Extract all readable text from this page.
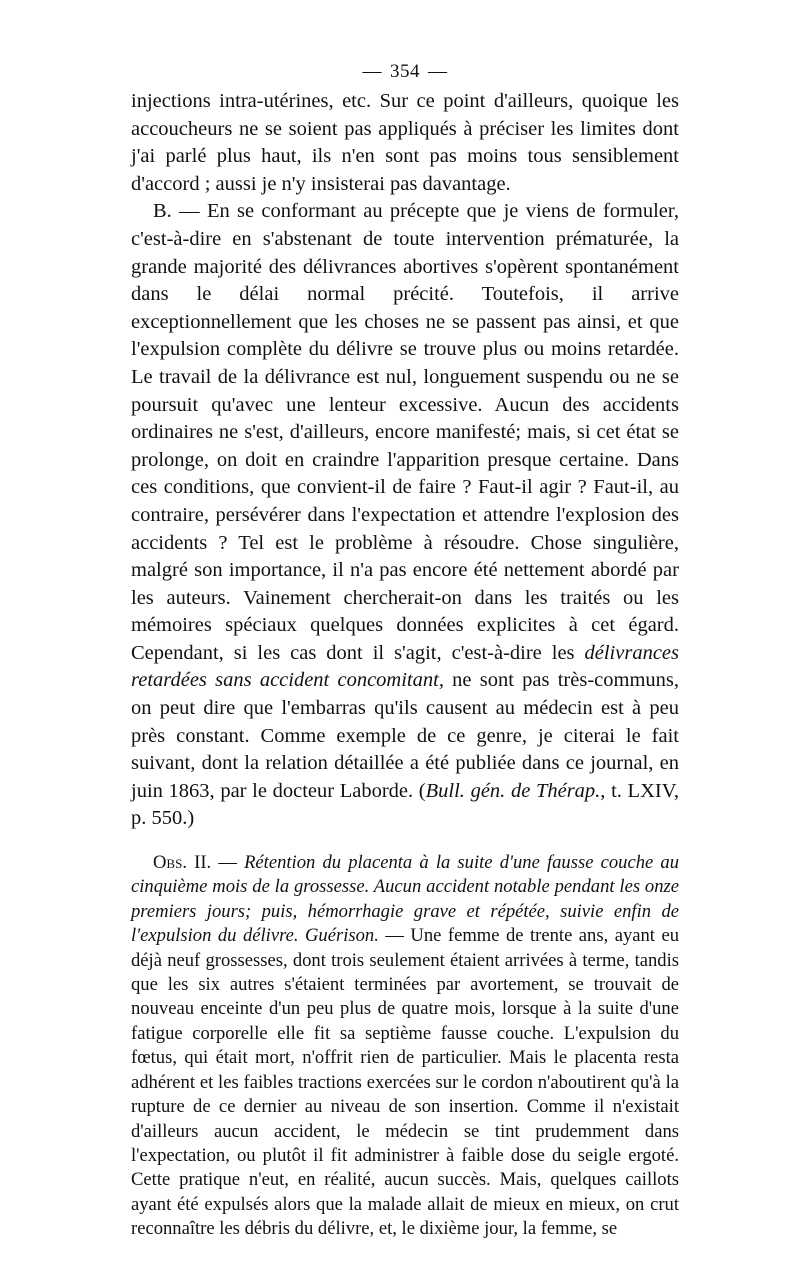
— 354 —

injections intra-utérines, etc. Sur ce point d'ailleurs, quoique les accoucheurs ne se soient pas appliqués à préciser les limites dont j'ai parlé plus haut, ils n'en sont pas moins tous sensiblement d'accord ; aussi je n'y insisterai pas davantage.

B. — En se conformant au précepte que je viens de formuler, c'est-à-dire en s'abstenant de toute intervention prématurée, la grande majorité des délivrances abortives s'opèrent spontanément dans le délai normal précité. Toutefois, il arrive exceptionnellement que les choses ne se passent pas ainsi, et que l'expulsion complète du délivre se trouve plus ou moins retardée. Le travail de la délivrance est nul, longuement suspendu ou ne se poursuit qu'avec une lenteur excessive. Aucun des accidents ordinaires ne s'est, d'ailleurs, encore manifesté; mais, si cet état se prolonge, on doit en craindre l'apparition presque certaine. Dans ces conditions, que convient-il de faire ? Faut-il agir ? Faut-il, au contraire, persévérer dans l'expectation et attendre l'explosion des accidents ? Tel est le problème à résoudre. Chose singulière, malgré son importance, il n'a pas encore été nettement abordé par les auteurs. Vainement chercherait-on dans les traités ou les mémoires spéciaux quelques données explicites à cet égard. Cependant, si les cas dont il s'agit, c'est-à-dire les délivrances retardées sans accident concomitant, ne sont pas très-communs, on peut dire que l'embarras qu'ils causent au médecin est à peu près constant. Comme exemple de ce genre, je citerai le fait suivant, dont la relation détaillée a été publiée dans ce journal, en juin 1863, par le docteur Laborde. (Bull. gén. de Thérap., t. LXIV, p. 550.)

Obs. II. — Rétention du placenta à la suite d'une fausse couche au cinquième mois de la grossesse. Aucun accident notable pendant les onze premiers jours; puis, hémorrhagie grave et répétée, suivie enfin de l'expulsion du délivre. Guérison. — Une femme de trente ans, ayant eu déjà neuf grossesses, dont trois seulement étaient arrivées à terme, tandis que les six autres s'étaient terminées par avortement, se trouvait de nouveau enceinte d'un peu plus de quatre mois, lorsque à la suite d'une fatigue corporelle elle fit sa septième fausse couche. L'expulsion du fœtus, qui était mort, n'offrit rien de particulier. Mais le placenta resta adhérent et les faibles tractions exercées sur le cordon n'aboutirent qu'à la rupture de ce dernier au niveau de son insertion. Comme il n'existait d'ailleurs aucun accident, le médecin se tint prudemment dans l'expectation, ou plutôt il fit administrer à faible dose du seigle ergoté. Cette pratique n'eut, en réalité, aucun succès. Mais, quelques caillots ayant été expulsés alors que la malade allait de mieux en mieux, on crut reconnaître les débris du délivre, et, le dixième jour, la femme, se
